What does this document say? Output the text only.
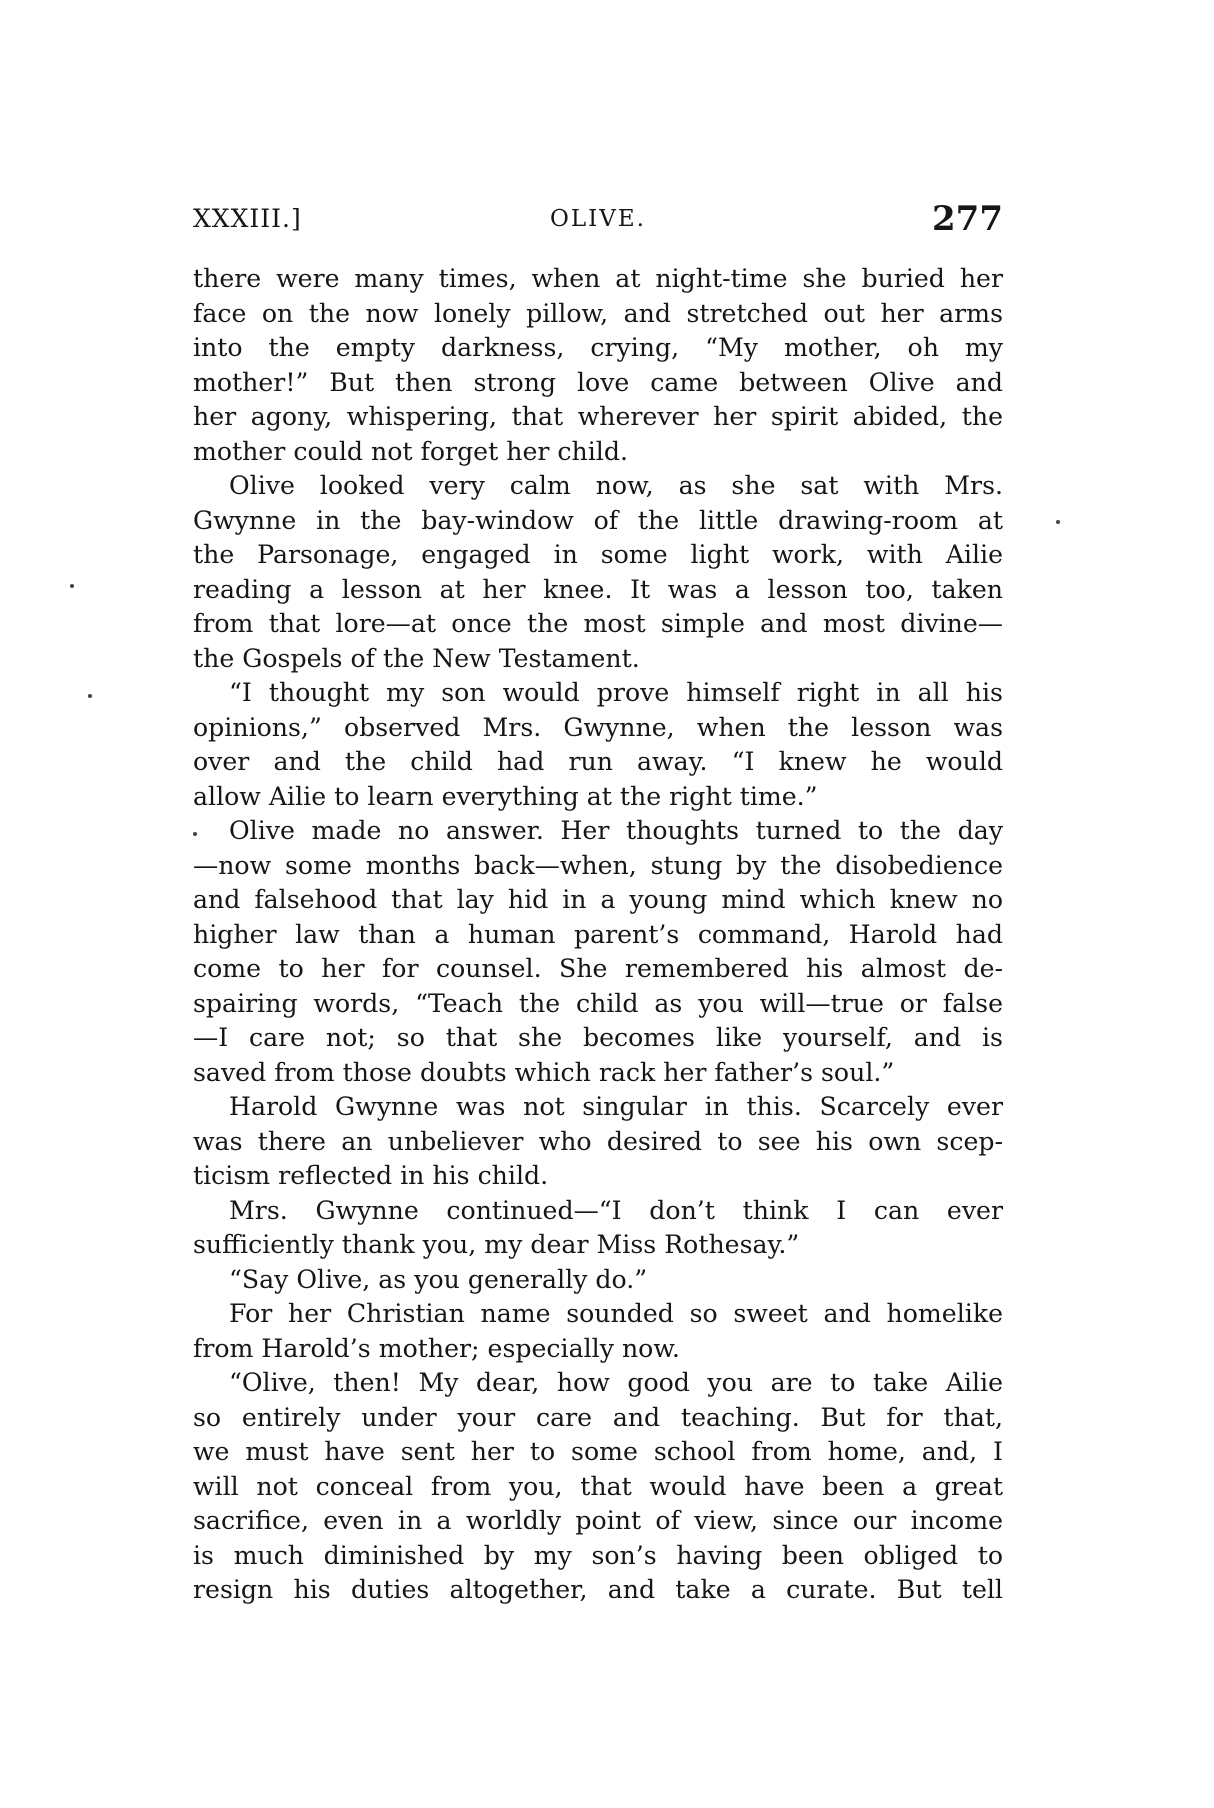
OLIVE.
XXXIII.]	277
there were many times, when at night-time she buried her
face on the now lonely pillow, and stretched out her arms
into the empty darkness, crying, “My mother, oh my
mother!” But then strong love came between Olive and
her agony, whispering, that wherever her spirit abided, the
mother could not forget her child.
Olive looked very calm now, as she sat with Mrs.
Gwynne in the bay-window of the little drawing-room at
the Parsonage, engaged in some light work, with Ailie
reading a lesson at her knee. It was a lesson too, taken
from that lore—at once the most simple and most divine—
the Gospels of the New Testament.
“I thought my son would prove himself right in all his
opinions,” observed Mrs. Gwynne, when the lesson was
over and the child had run away. “I knew he would
allow Ailie to learn everything at the right time.”
Olive made no answer. Her thoughts turned to the day
—now some months back—when, stung by the disobedience
and falsehood that lay hid in a young mind which knew no
higher law than a human parent’s command, Harold had
come to her for counsel. She remembered his almost de-
spairing words, “Teach the child as you will—true or false
—I care not; so that she becomes like yourself, and is
saved from those doubts which rack her father’s soul.”
Harold Gwynne was not singular in this. Scarcely ever
was there an unbeliever who desired to see his own scep-
ticism reflected in his child.
Mrs. Gwynne continued—“I don’t think I can ever
sufficiently thank you, my dear Miss Rothesay.”
“Say Olive, as you generally do.”
For her Christian name sounded so sweet and homelike
from Harold’s mother; especially now.
“Olive, then! My dear, how good you are to take Ailie
so entirely under your care and teaching. But for that,
we must have sent her to some school from home, and, I
will not conceal from you, that would have been a great
sacrifice, even in a worldly point of view, since our income
is much diminished by my son’s having been obliged to
resign his duties altogether, and take a curate. But tell
